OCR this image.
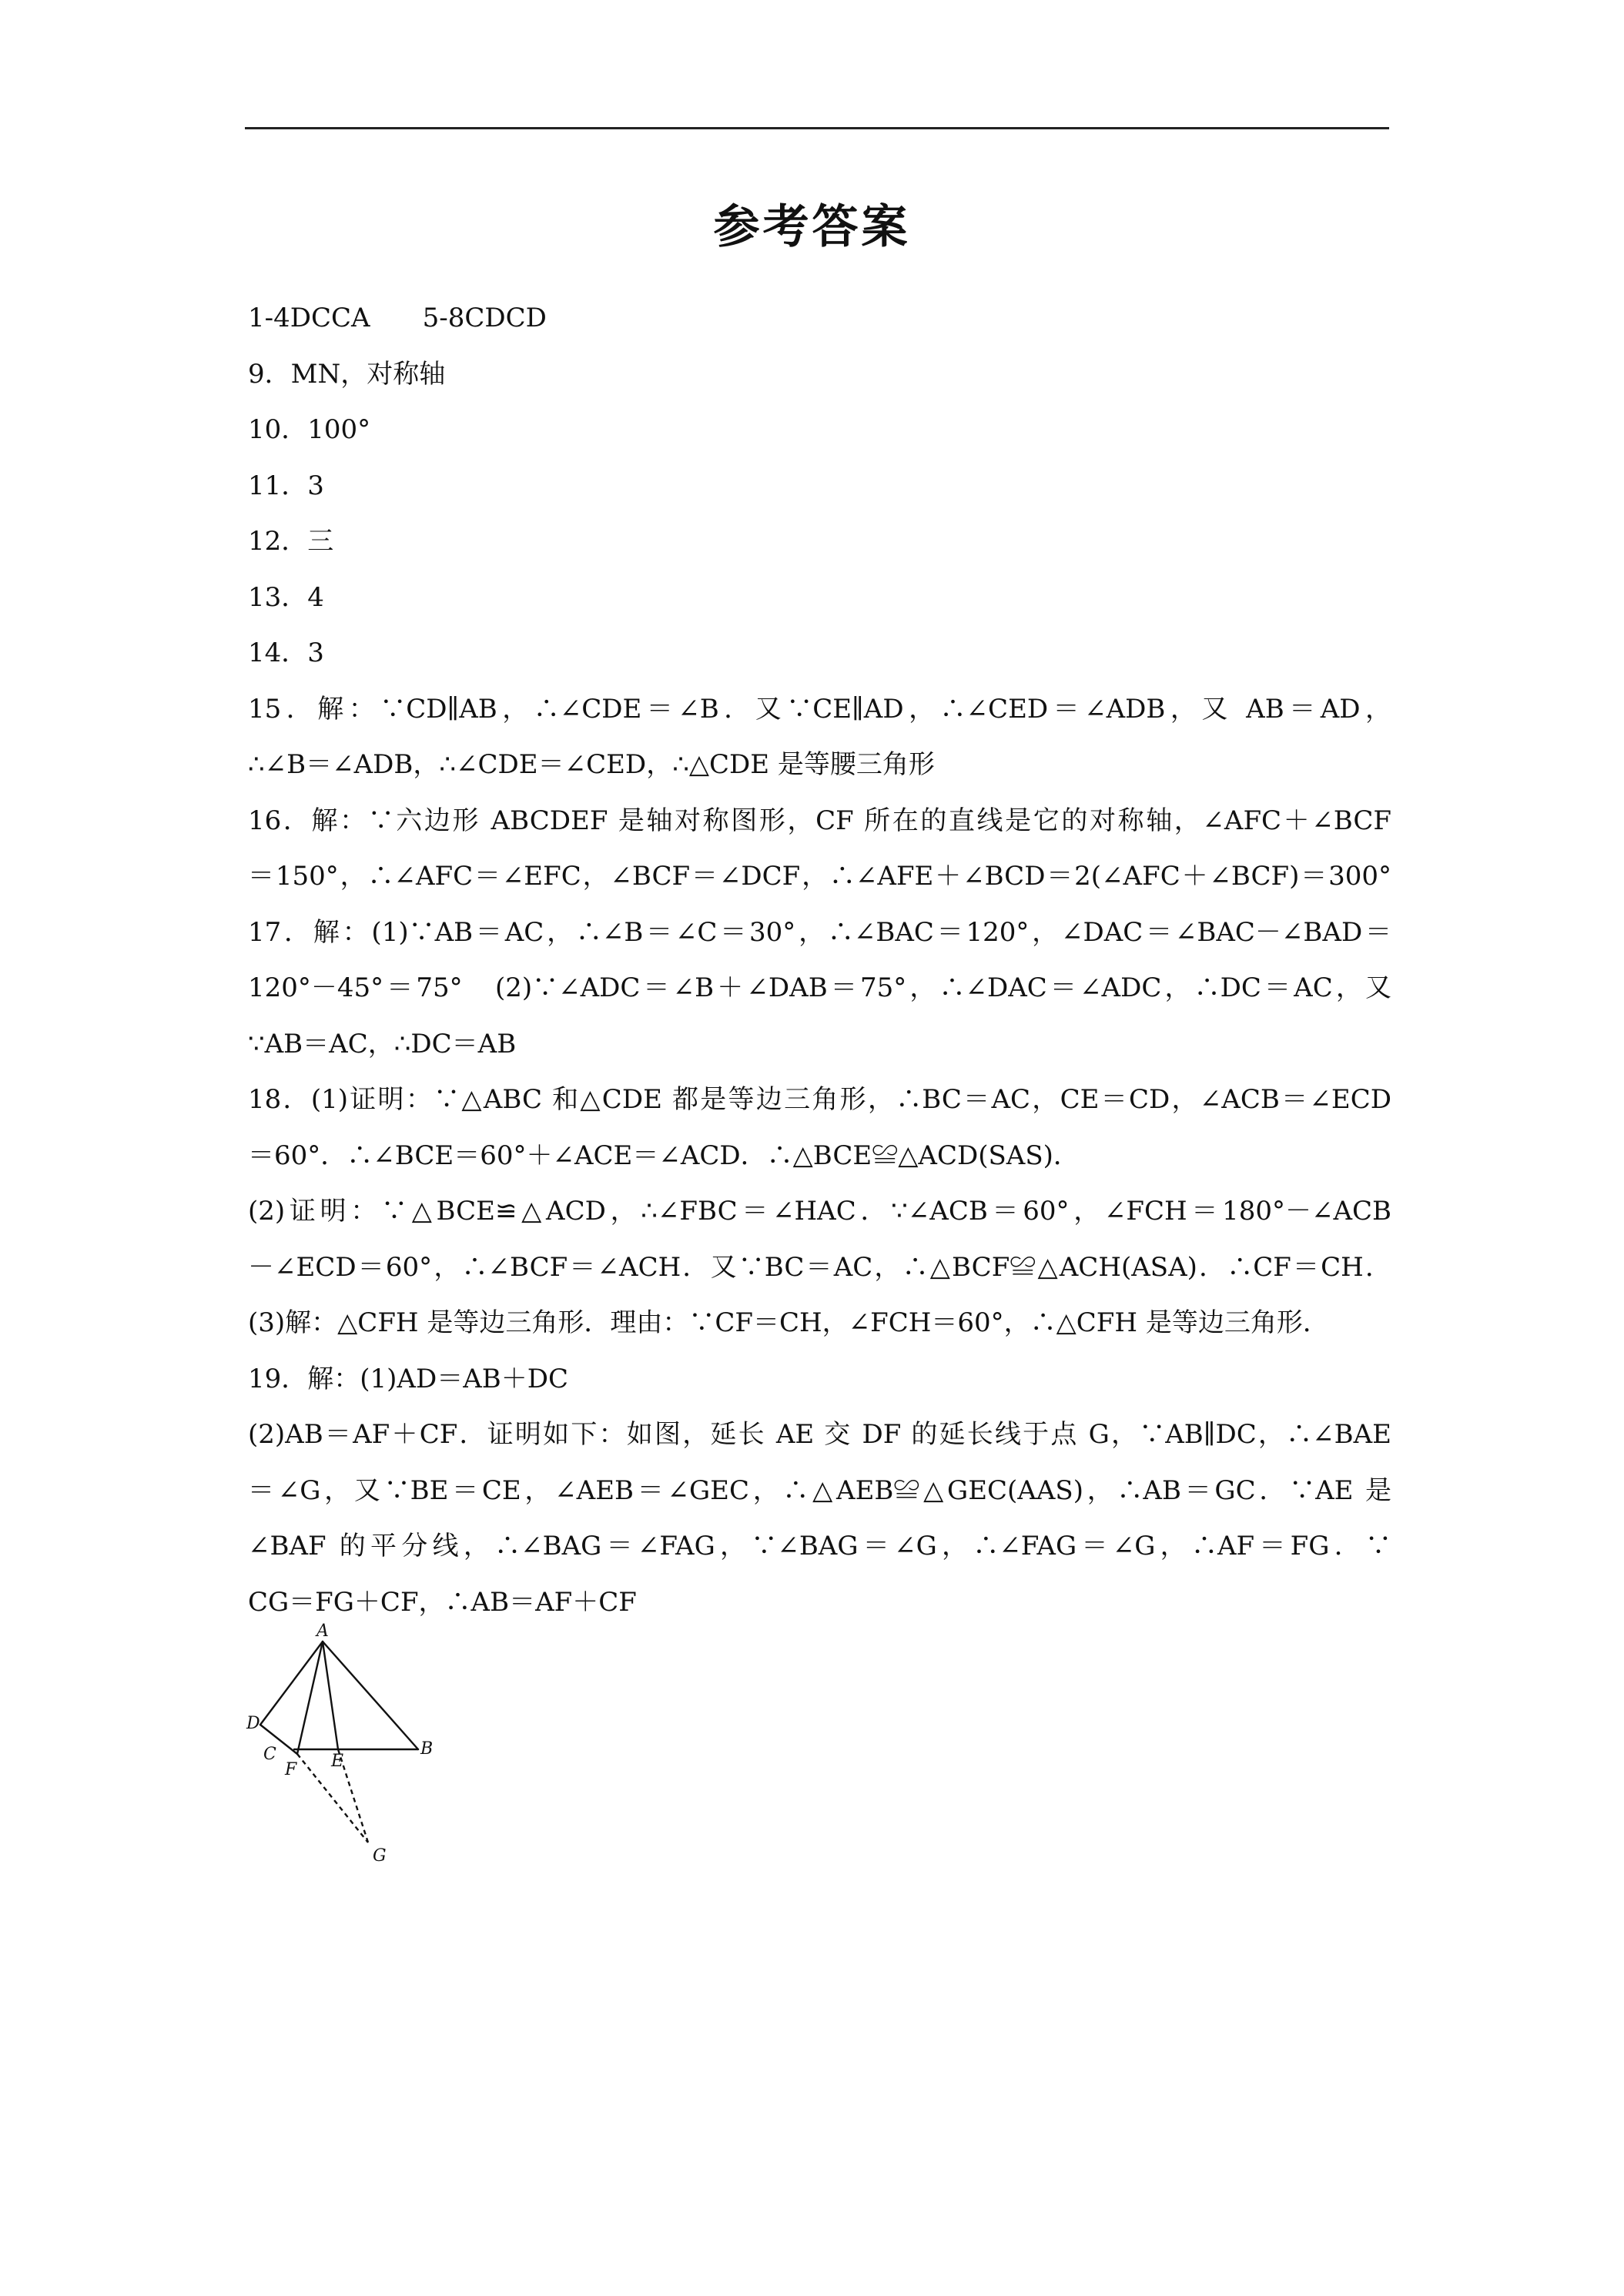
参考答案
1-4DCCA　　5-8CDCD
9．MN，对称轴
10．100°
11．3
12．三
13．4
14．3
15．解：∵CD∥AB，∴∠CDE＝∠B．又∵CE∥AD，∴∠CED＝∠ADB，又 AB＝AD，
∴∠B＝∠ADB，∴∠CDE＝∠CED，∴△CDE 是等腰三角形
16．解：∵六边形 ABCDEF 是轴对称图形，CF 所在的直线是它的对称轴，∠AFC＋∠BCF
＝150°，∴∠AFC＝∠EFC，∠BCF＝∠DCF，∴∠AFE＋∠BCD＝2(∠AFC＋∠BCF)＝300°
17．解：(1)∵AB＝AC，∴∠B＝∠C＝30°，∴∠BAC＝120°，∠DAC＝∠BAC－∠BAD＝
120°－45°＝75°　(2)∵∠ADC＝∠B＋∠DAB＝75°，∴∠DAC＝∠ADC，∴DC＝AC，又
∵AB＝AC，∴DC＝AB
18．(1)证明：∵△ABC 和△CDE 都是等边三角形，∴BC＝AC，CE＝CD，∠ACB＝∠ECD
＝60°．∴∠BCE＝60°＋∠ACE＝∠ACD．∴△BCE≌△ACD(SAS)．
(2)证明：∵△BCE≌△ACD，∴∠FBC＝∠HAC．∵∠ACB＝60°，∠FCH＝180°－∠ACB
－∠ECD＝60°，∴∠BCF＝∠ACH．又∵BC＝AC，∴△BCF≌△ACH(ASA)．∴CF＝CH．
(3)解：△CFH 是等边三角形．理由：∵CF＝CH，∠FCH＝60°，∴△CFH 是等边三角形．
19．解：(1)AD＝AB＋DC
(2)AB＝AF＋CF．证明如下：如图，延长 AE 交 DF 的延长线于点 G，∵AB∥DC，∴∠BAE
＝∠G，又∵BE＝CE，∠AEB＝∠GEC，∴△AEB≌△GEC(AAS)，∴AB＝GC．∵AE 是
∠BAF 的平分线，∴∠BAG＝∠FAG，∵∠BAG＝∠G，∴∠FAG＝∠G，∴AF＝FG．∵
CG＝FG＋CF，∴AB＝AF＋CF
A
D
C	E
B
F
G
